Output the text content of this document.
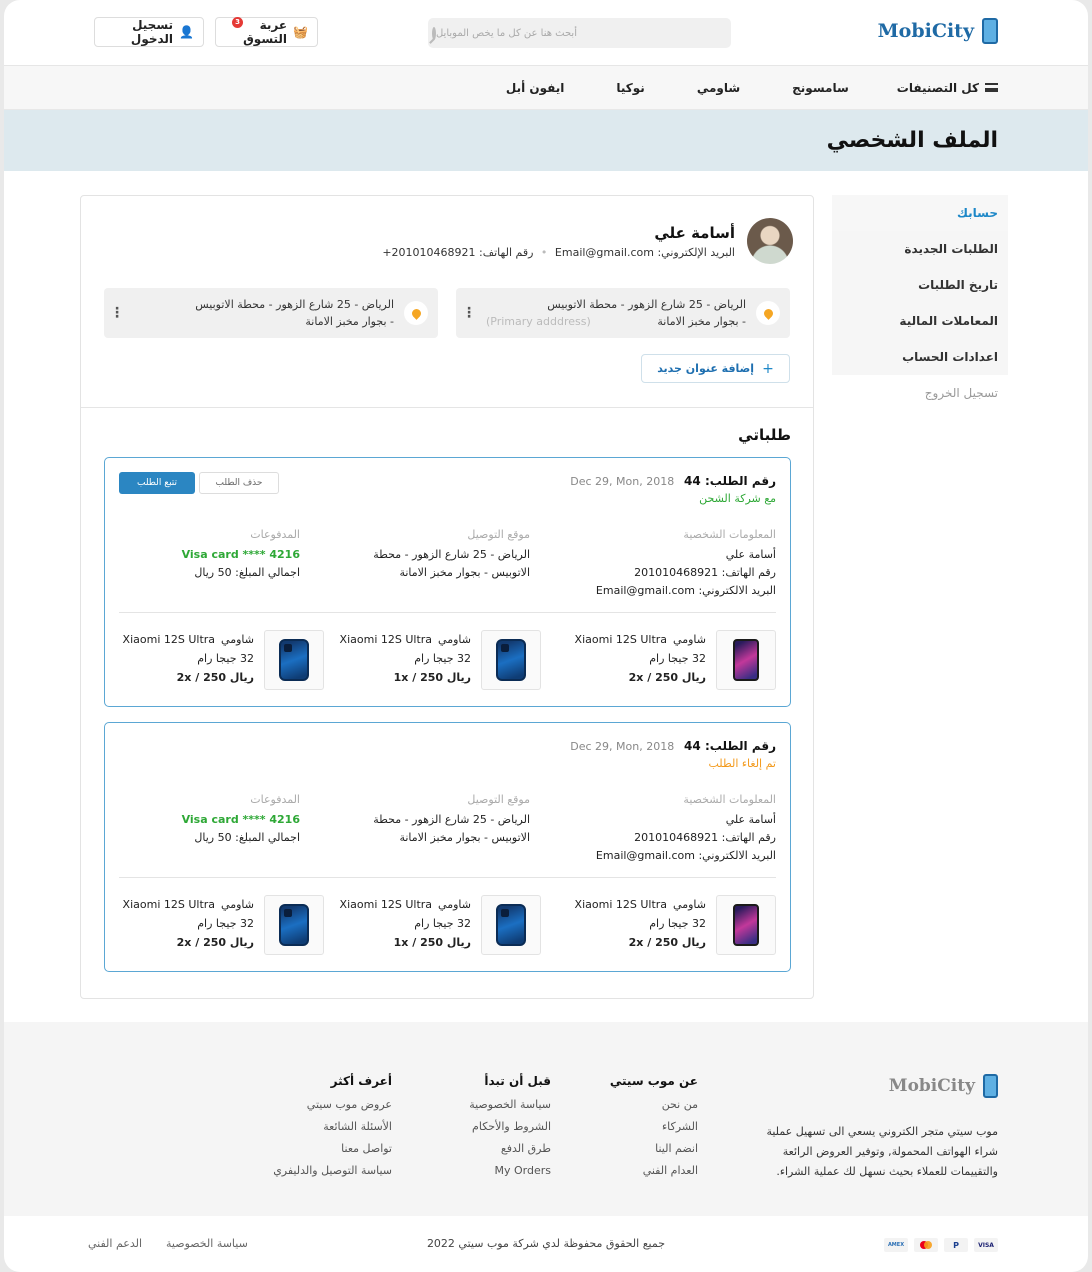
MobiCity
أبحث هنا عن كل ما يخص الموبايل
🧺
عربة التسوق
3
👤
تسجيل الدخول
كل التصنيفات
سامسونج
شاومي
نوكيا
ايفون أبل
الملف الشخصي
حسابك
الطلبات الجديدة
تاريخ الطلبات
المعاملات المالية
اعدادات الحساب
تسجيل الخروج
أسامة علي
البريد الإلكتروني: Email@gmail.com • رقم الهاتف: +201010468921
الرياض - 25 شارع الزهور - محطة الاتوبيس
- بجوار مخبز الامانة
(Primary adddress)
⋮
الرياض - 25 شارع الزهور - محطة الاتوبيس
- بجوار مخبز الامانة
⋮
+
إضافة عنوان جديد
طلباتي
رقم الطلب: 44 Dec 29, Mon, 2018
مع شركة الشحن
تتبع الطلب	حذف الطلب
المعلومات الشخصية
أسامة علي
رقم الهاتف: 201010468921
البريد الالكتروني: Email@gmail.com
موقع التوصيل
الرياض - 25 شارع الزهور - محطة
الاتوبيس - بجوار مخبز الامانة
المدفوعات
Visa card **** 4216
اجمالي المبلغ: 50 ريال
شاوميXiaomi 12S Ultra
32 جيجا رام
ريال 250 / 2x
شاوميXiaomi 12S Ultra
32 جيجا رام
ريال 250 / 1x
شاوميXiaomi 12S Ultra
32 جيجا رام
ريال 250 / 2x
رقم الطلب: 44 Dec 29, Mon, 2018
تم إلغاء الطلب
المعلومات الشخصية
أسامة علي
رقم الهاتف: 201010468921
البريد الالكتروني: Email@gmail.com
موقع التوصيل
الرياض - 25 شارع الزهور - محطة
الاتوبيس - بجوار مخبز الامانة
المدفوعات
Visa card **** 4216
اجمالي المبلغ: 50 ريال
شاوميXiaomi 12S Ultra
32 جيجا رام
ريال 250 / 2x
شاوميXiaomi 12S Ultra
32 جيجا رام
ريال 250 / 1x
شاوميXiaomi 12S Ultra
32 جيجا رام
ريال 250 / 2x
MobiCity
موب سيتي متجر الكتروني يسعي الى تسهيل عملية شراء الهواتف المحمولة, وتوفير العروض الرائعة والتقييمات للعملاء بحيث نسهل لك عملية الشراء.
عن موب سيتي
من نحن
الشركاء
انضم الينا
العدام الفني
قبل أن تبدأ
سياسة الخصوصية
الشروط والأحكام
طرق الدفع
My Orders
أعرف أكثر
عروض موب سيتي
الأسئلة الشائعة
تواصل معنا
سياسة التوصيل والدليفري
AMEX	P	VISA
جميع الحقوق محفوظة لدي شركة موب سيتي 2022
سياسة الخصوصية
الدعم الفني
